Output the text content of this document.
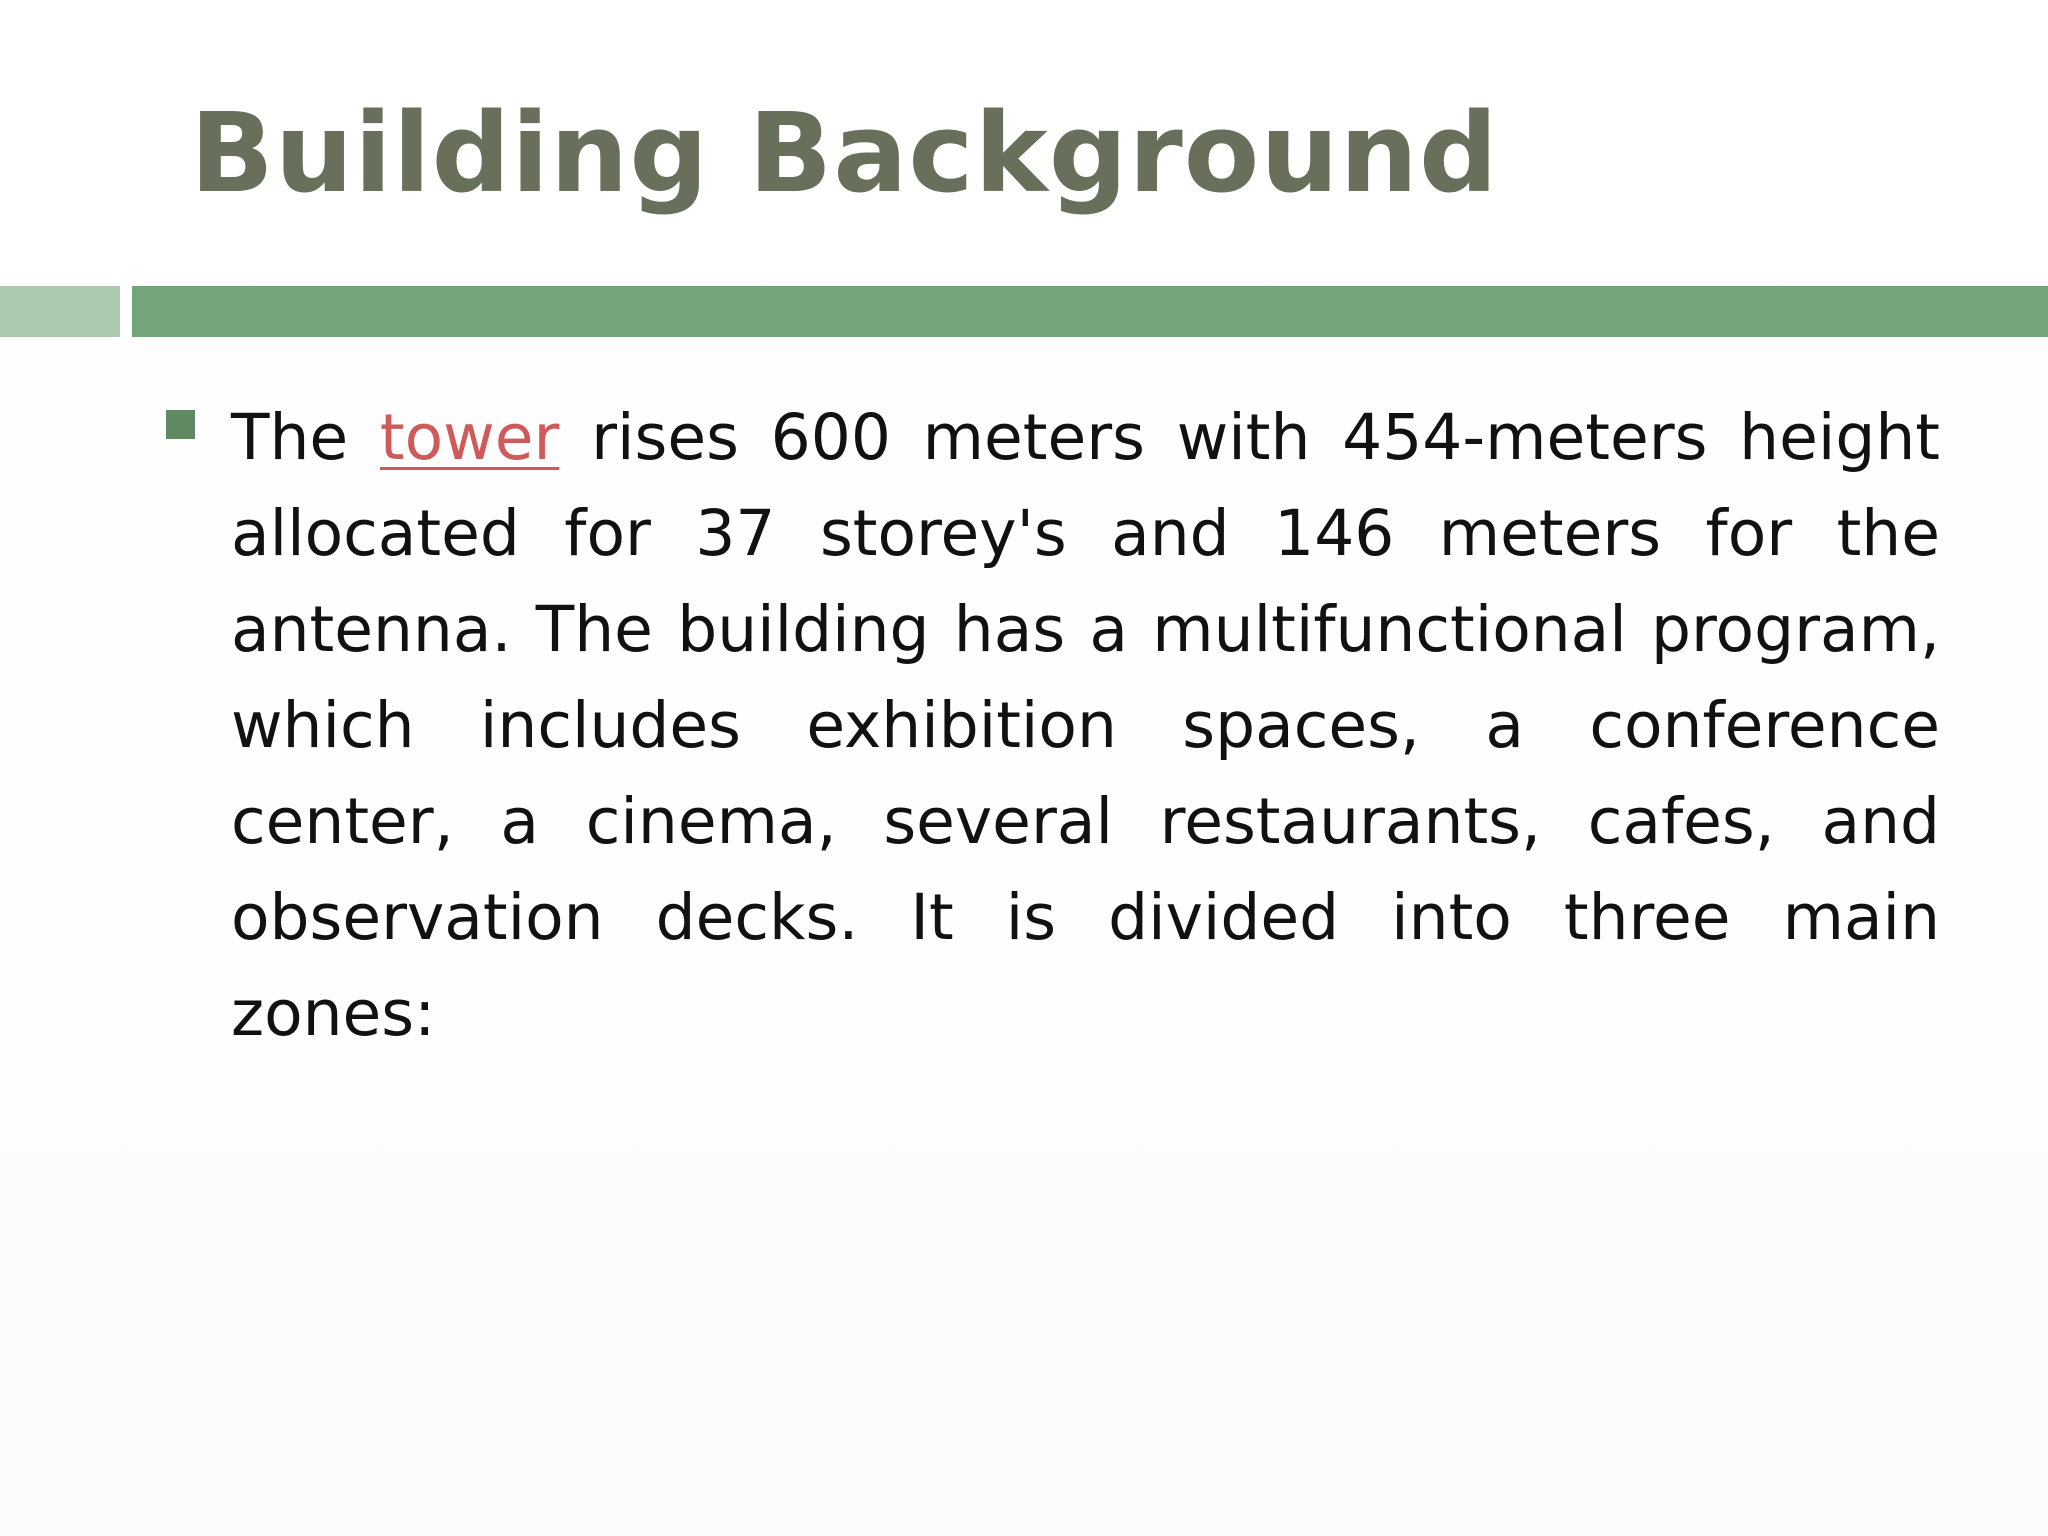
Building Background

The tower rises 600 meters with 454-meters height allocated for 37 storey's and 146 meters for the antenna. The building has a multifunctional program, which includes exhibition spaces, a conference center, a cinema, several restaurants, cafes, and observation decks. It is divided into three main zones:
